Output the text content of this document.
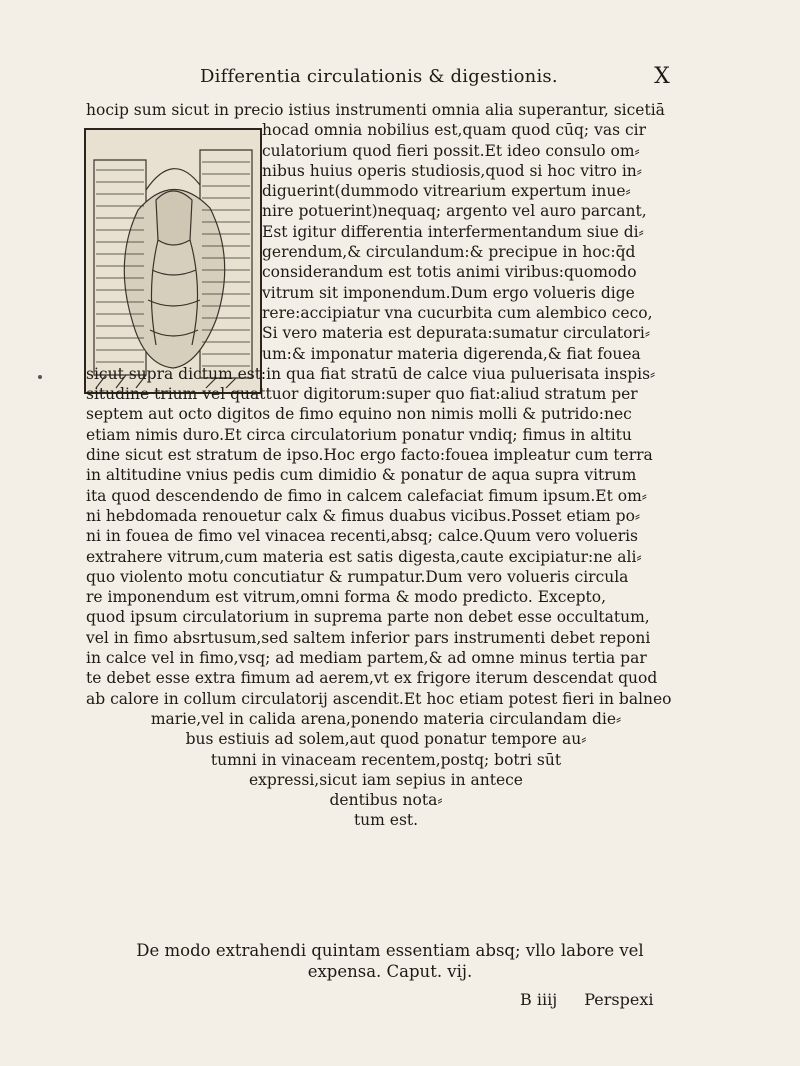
Differentia circulationis & digestionis.	X
hocip sum sicut in precio istius instrumenti omnia alia superantur, sicetiā
hocad omnia nobilius est,quam quod cūq; vas cir
culatorium quod fieri possit.Et ideo consulo om⸗
nibus huius operis studiosis,quod si hoc vitro in⸗
diguerint(dummodo vitrearium expertum inue⸗
nire potuerint)nequaq; argento vel auro parcant,
Est igitur differentia interfermentandum siue di⸗
gerendum,& circulandum:& precipue in hoc:q̄d
considerandum est totis animi viribus:quomodo
vitrum sit imponendum.Dum ergo volueris dige
rere:accipiatur vna cucurbita cum alembico ceco,
Si vero materia est depurata:sumatur circulatori⸗
um:& imponatur materia digerenda,& fiat fouea
sicut supra dictum est:in qua fiat stratū de calce viua puluerisata inspis⸗
situdine trium vel quattuor digitorum:super quo fiat:aliud stratum per
septem aut octo digitos de fimo equino non nimis molli & putrido:nec
etiam nimis duro.Et circa circulatorium ponatur vndiq; fimus in altitu
dine sicut est stratum de ipso.Hoc ergo facto:fouea impleatur cum terra
in altitudine vnius pedis cum dimidio & ponatur de aqua supra vitrum
ita quod descendendo de fimo in calcem calefaciat fimum ipsum.Et om⸗
ni hebdomada renouetur calx & fimus duabus vicibus.Posset etiam po⸗
ni in fouea de fimo vel vinacea recenti,absq; calce.Quum vero volueris
extrahere vitrum,cum materia est satis digesta,caute excipiatur:ne ali⸗
quo violento motu concutiatur & rumpatur.Dum vero volueris circula
re imponendum est vitrum,omni forma & modo predicto. Excepto,
quod ipsum circulatorium in suprema parte non debet esse occultatum,
vel in fimo absrtusum,sed saltem inferior pars instrumenti debet reponi
in calce vel in fimo,vsq; ad mediam partem,& ad omne minus tertia par
te debet esse extra fimum ad aerem,vt ex frigore iterum descendat quod
ab calore in collum circulatorij ascendit.Et hoc etiam potest fieri in balneo
marie,vel in calida arena,ponendo materia circulandam die⸗
bus estiuis ad solem,aut quod ponatur tempore au⸗
tumni in vinaceam recentem,postq; botri sūt
expressi,sicut iam sepius in antece
dentibus nota⸗
tum est.
De modo extrahendi quintam essentiam absq; vllo labore vel
expensa. Caput. vij.
B iiij Perspexi
